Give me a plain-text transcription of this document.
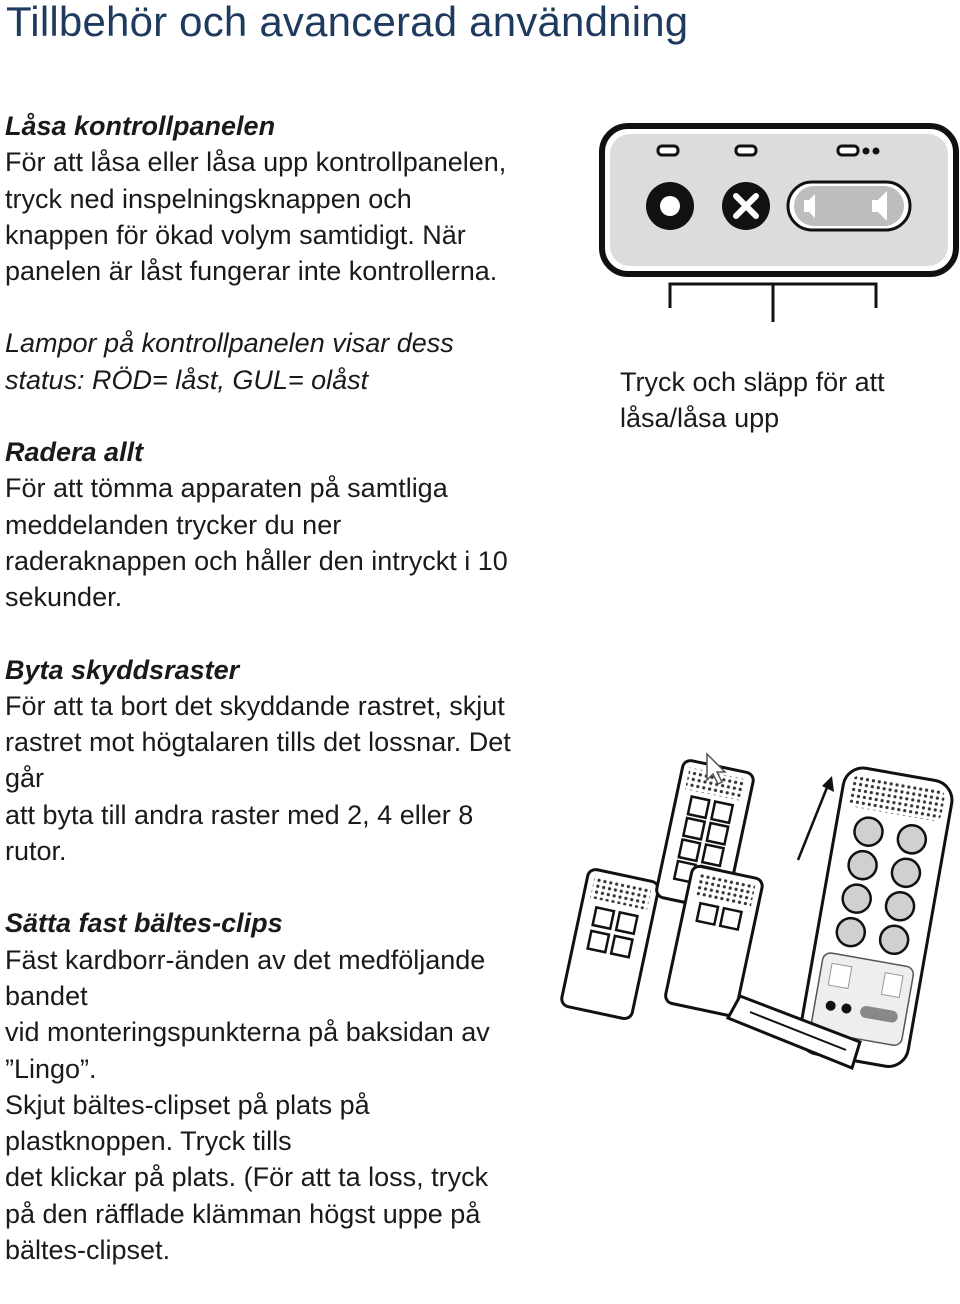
Tillbehör och avancerad användning

Låsa kontrollpanelen

För att låsa eller låsa upp kontrollpanelen,

tryck ned inspelningsknappen och

knappen för ökad volym samtidigt. När

panelen är låst fungerar inte kontrollerna.

Lampor på kontrollpanelen visar dess

status: RÖD= låst, GUL= olåst

Radera allt

För att tömma apparaten på samtliga

meddelanden trycker du ner

raderaknappen och håller den intryckt i 10

sekunder.

Byta skyddsraster

För att ta bort det skyddande rastret, skjut

rastret mot högtalaren tills det lossnar. Det

går

att byta till andra raster med 2, 4 eller 8

rutor.

Sätta fast bältes-clips

Fäst kardborr-änden av det medföljande

bandet

vid monteringspunkterna på baksidan av

”Lingo”.

Skjut bältes-clipset på plats på

plastknoppen. Tryck tills

det klickar på plats. (För att ta loss, tryck

på den räfflade klämman högst uppe på

bältes-clipset.

Tryck och släpp för att
låsa/låsa upp
